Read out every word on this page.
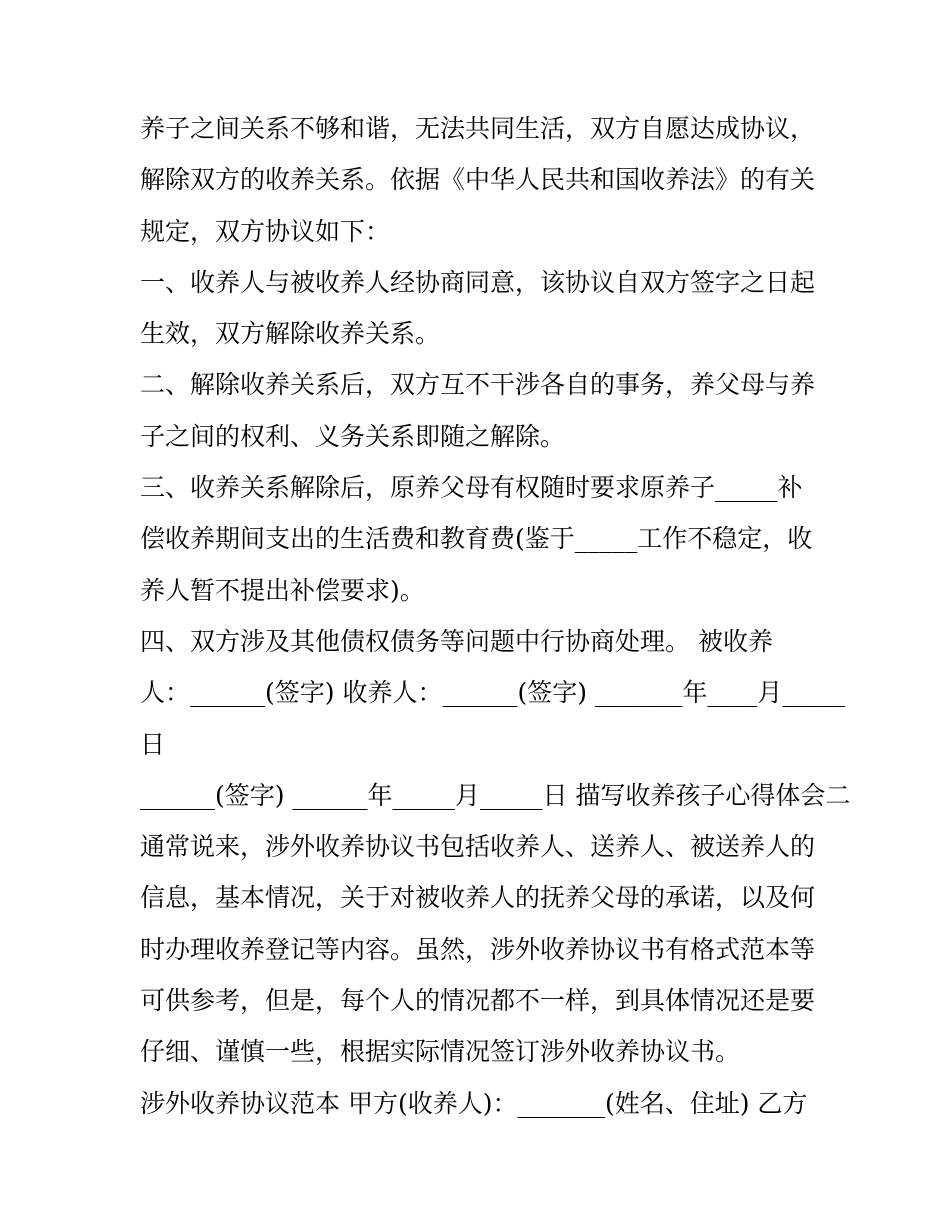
养子之间关系不够和谐，无法共同生活，双方自愿达成协议，
解除双方的收养关系。依据《中华人民共和国收养法》的有关
规定，双方协议如下：
一、收养人与被收养人经协商同意，该协议自双方签字之日起
生效，双方解除收养关系。
二、解除收养关系后，双方互不干涉各自的事务，养父母与养
子之间的权利、义务关系即随之解除。
三、收养关系解除后，原养父母有权随时要求原养子_____补
偿收养期间支出的生活费和教育费(鉴于_____工作不稳定，收
养人暂不提出补偿要求)。
四、双方涉及其他债权债务等问题中行协商处理。 被收养
人：______(签字) 收养人：______(签字) _______年____月_____
日
______(签字) ______年_____月_____日 描写收养孩子心得体会二
通常说来，涉外收养协议书包括收养人、送养人、被送养人的
信息，基本情况，关于对被收养人的抚养父母的承诺，以及何
时办理收养登记等内容。虽然，涉外收养协议书有格式范本等
可供参考，但是，每个人的情况都不一样，到具体情况还是要
仔细、谨慎一些，根据实际情况签订涉外收养协议书。
涉外收养协议范本 甲方(收养人)：_______(姓名、住址) 乙方
